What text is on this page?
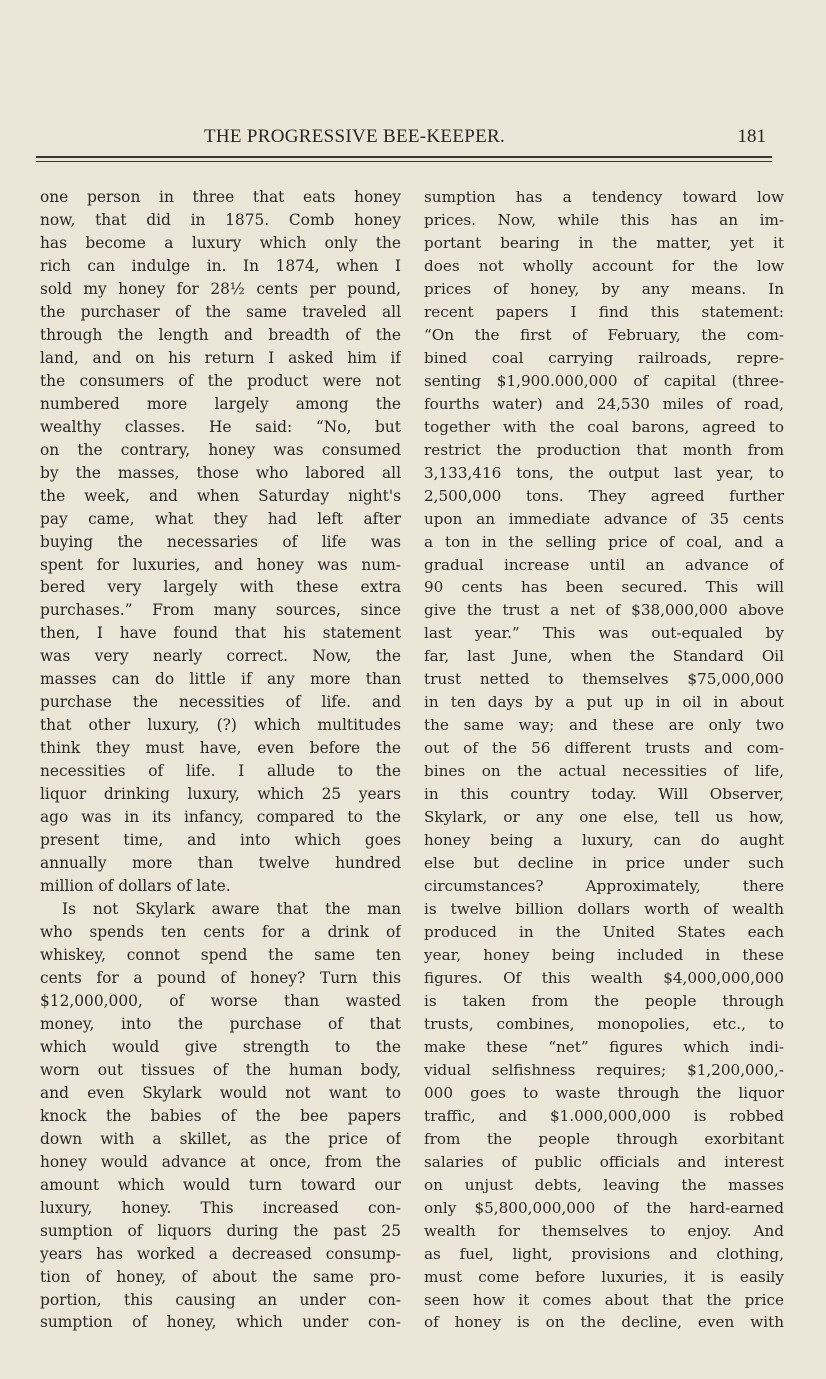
THE PROGRESSIVE BEE-KEEPER.	181
one person in three that eats honey
now, that did in 1875. Comb honey
has become a luxury which only the
rich can indulge in. In 1874, when I
sold my honey for 28½ cents per pound,
the purchaser of the same traveled all
through the length and breadth of the
land, and on his return I asked him if
the consumers of the product were not
numbered more largely among the
wealthy classes. He said: “No, but
on the contrary, honey was consumed
by the masses, those who labored all
the week, and when Saturday night's
pay came, what they had left after
buying the necessaries of life was
spent for luxuries, and honey was num-
bered very largely with these extra
purchases.” From many sources, since
then, I have found that his statement
was very nearly correct. Now, the
masses can do little if any more than
purchase the necessities of life. and
that other luxury, (?) which multitudes
think they must have, even before the
necessities of life. I allude to the
liquor drinking luxury, which 25 years
ago was in its infancy, compared to the
present time, and into which goes
annually more than twelve hundred
million of dollars of late.
Is not Skylark aware that the man
who spends ten cents for a drink of
whiskey, connot spend the same ten
cents for a pound of honey? Turn this
$12,000,000, of worse than wasted
money, into the purchase of that
which would give strength to the
worn out tissues of the human body,
and even Skylark would not want to
knock the babies of the bee papers
down with a skillet, as the price of
honey would advance at once, from the
amount which would turn toward our
luxury, honey. This increased con-
sumption of liquors during the past 25
years has worked a decreased consump-
tion of honey, of about the same pro-
portion, this causing an under con-
sumption of honey, which under con-
sumption has a tendency toward low
prices. Now, while this has an im-
portant bearing in the matter, yet it
does not wholly account for the low
prices of honey, by any means. In
recent papers I find this statement:
“On the first of February, the com-
bined coal carrying railroads, repre-
senting $1,900.000,000 of capital (three-
fourths water) and 24,530 miles of road,
together with the coal barons, agreed to
restrict the production that month from
3,133,416 tons, the output last year, to
2,500,000 tons. They agreed further
upon an immediate advance of 35 cents
a ton in the selling price of coal, and a
gradual increase until an advance of
90 cents has been secured. This will
give the trust a net of $38,000,000 above
last year.” This was out-equaled by
far, last June, when the Standard Oil
trust netted to themselves $75,000,000
in ten days by a put up in oil in about
the same way; and these are only two
out of the 56 different trusts and com-
bines on the actual necessities of life,
in this country today. Will Observer,
Skylark, or any one else, tell us how,
honey being a luxury, can do aught
else but decline in price under such
circumstances? Approximately, there
is twelve billion dollars worth of wealth
produced in the United States each
year, honey being included in these
figures. Of this wealth $4,000,000,000
is taken from the people through
trusts, combines, monopolies, etc., to
make these “net” figures which indi-
vidual selfishness requires; $1,200,000,-
000 goes to waste through the liquor
traffic, and $1.000,000,000 is robbed
from the people through exorbitant
salaries of public officials and interest
on unjust debts, leaving the masses
only $5,800,000,000 of the hard-earned
wealth for themselves to enjoy. And
as fuel, light, provisions and clothing,
must come before luxuries, it is easily
seen how it comes about that the price
of honey is on the decline, even with
